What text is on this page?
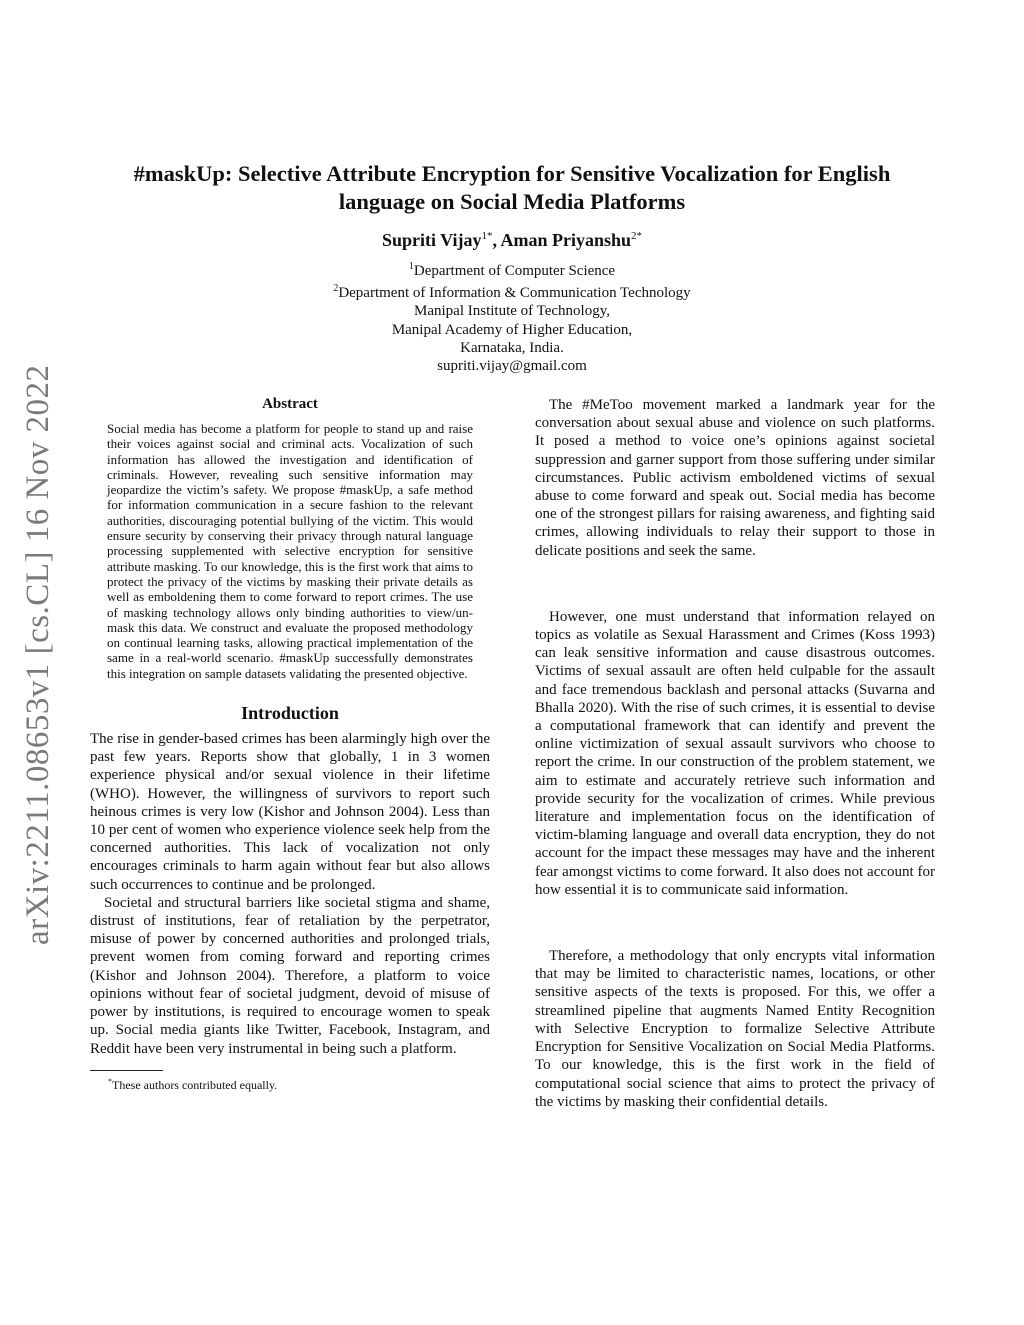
arXiv:2211.08653v1 [cs.CL] 16 Nov 2022
#maskUp: Selective Attribute Encryption for Sensitive Vocalization for English
language on Social Media Platforms
Supriti Vijay$^{1*}$, Aman Priyanshu$^{2*}$
$^1$Department of Computer Science
$^2$Department of Information & Communication Technology
Manipal Institute of Technology,
Manipal Academy of Higher Education,
Karnataka, India.
supriti.vijay@gmail.com
Abstract

Social media has become a platform for people to stand up and raise their voices against social and criminal acts. Vocalization of such information has allowed the investigation and identification of criminals. However, revealing such sensitive information may jeopardize the victim’s safety. We propose #maskUp, a safe method for information communication in a secure fashion to the relevant authorities, discouraging potential bullying of the victim. This would ensure security by conserving their privacy through natural language processing supplemented with selective encryption for sensitive attribute masking. To our knowledge, this is the first work that aims to protect the privacy of the victims by masking their private details as well as emboldening them to come forward to report crimes. The use of masking technology allows only binding authorities to view/un-mask this data. We construct and evaluate the proposed methodology on continual learning tasks, allowing practical implementation of the same in a real-world scenario. #maskUp successfully demonstrates this integration on sample datasets validating the presented objective.

Introduction

The rise in gender-based crimes has been alarmingly high over the past few years. Reports show that globally, 1 in 3 women experience physical and/or sexual violence in their lifetime (WHO). However, the willingness of survivors to report such heinous crimes is very low (Kishor and Johnson 2004). Less than 10 per cent of women who experience violence seek help from the concerned authorities. This lack of vocalization not only encourages criminals to harm again without fear but also allows such occurrences to continue and be prolonged.

Societal and structural barriers like societal stigma and shame, distrust of institutions, fear of retaliation by the perpetrator, misuse of power by concerned authorities and prolonged trials, prevent women from coming forward and reporting crimes (Kishor and Johnson 2004). Therefore, a platform to voice opinions without fear of societal judgment, devoid of misuse of power by institutions, is required to encourage women to speak up. Social media giants like Twitter, Facebook, Instagram, and Reddit have been very instrumental in being such a platform.

*These authors contributed equally.

The #MeToo movement marked a landmark year for the conversation about sexual abuse and violence on such platforms. It posed a method to voice one’s opinions against societal suppression and garner support from those suffering under similar circumstances. Public activism emboldened victims of sexual abuse to come forward and speak out. Social media has become one of the strongest pillars for raising awareness, and fighting said crimes, allowing individuals to relay their support to those in delicate positions and seek the same.

However, one must understand that information relayed on topics as volatile as Sexual Harassment and Crimes (Koss 1993) can leak sensitive information and cause disastrous outcomes. Victims of sexual assault are often held culpable for the assault and face tremendous backlash and personal attacks (Suvarna and Bhalla 2020). With the rise of such crimes, it is essential to devise a computational framework that can identify and prevent the online victimization of sexual assault survivors who choose to report the crime. In our construction of the problem statement, we aim to estimate and accurately retrieve such information and provide security for the vocalization of crimes. While previous literature and implementation focus on the identification of victim-blaming language and overall data encryption, they do not account for the impact these messages may have and the inherent fear amongst victims to come forward. It also does not account for how essential it is to communicate said information.

Therefore, a methodology that only encrypts vital information that may be limited to characteristic names, locations, or other sensitive aspects of the texts is proposed. For this, we offer a streamlined pipeline that augments Named Entity Recognition with Selective Encryption to formalize Selective Attribute Encryption for Sensitive Vocalization on Social Media Platforms. To our knowledge, this is the first work in the field of computational social science that aims to protect the privacy of the victims by masking their confidential details.
